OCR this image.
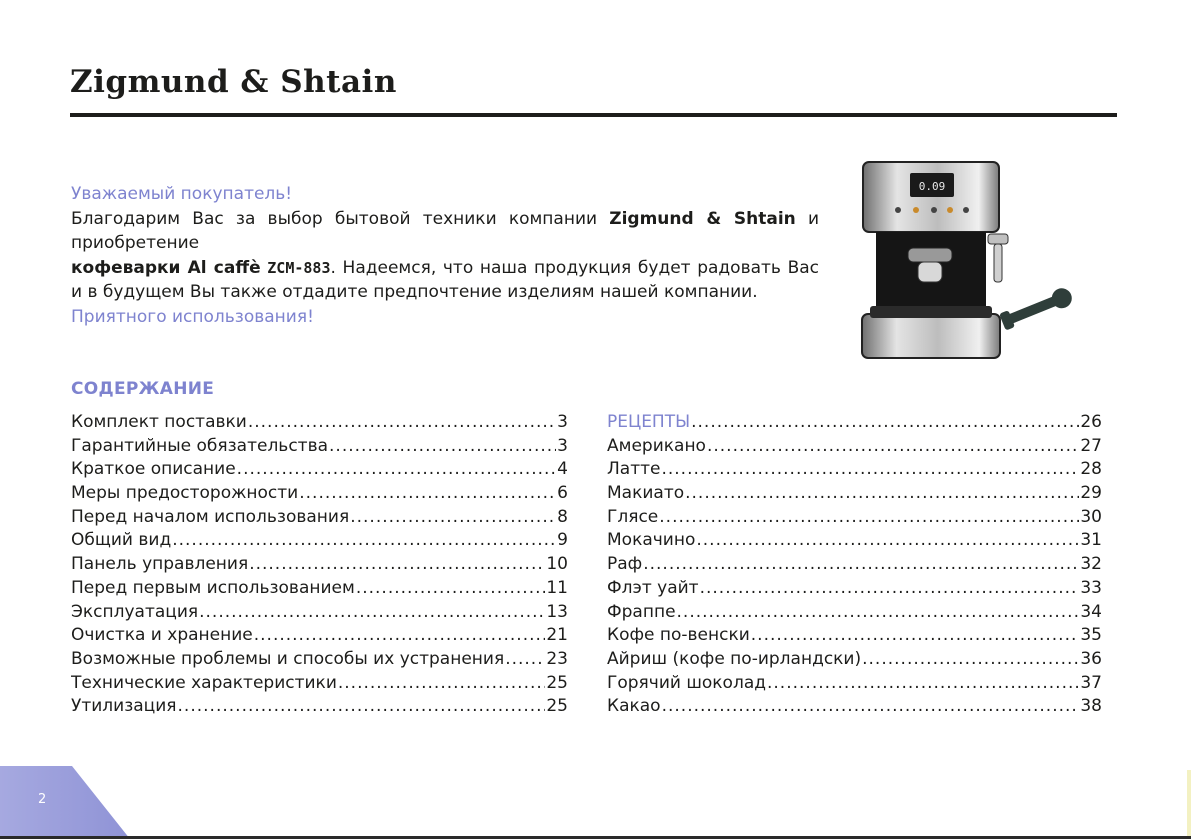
Zigmund & Shtain
Уважаемый покупатель!

Благодарим Вас за выбор бытовой техники компании Zigmund & Shtain и приобретение
кофеварки Al caffè ZCM-883. Надеемся, что наша продукция будет радовать Вас и в будущем Вы также отдадите предпочтение изделиям нашей компании.

Приятного использования!
0.09
СОДЕРЖАНИЕ
Комплект поставки .....	3
Гарантийные обязательства .....	3
Краткое описание .....	4
Меры предосторожности .....	6
Перед началом использования .....	8
Общий вид .....	9
Панель управления .....	10
Перед первым использованием .....	11
Эксплуатация .....	13
Очистка и хранение .....	21
Возможные проблемы и способы их устранения ..... 23
Технические характеристики .....	25
Утилизация .....	25
РЕЦЕПТЫ .....	26
Американо .....	27
Латте .....	28
Макиато .....	29
Глясе .....	30
Мокачино .....	31
Раф .....	32
Флэт уайт .....	33
Фраппе .....	34
Кофе по-венски .....	35
Айриш (кофе по-ирландски) .....	36
Горячий шоколад .....	37
Какао .....	38
2
